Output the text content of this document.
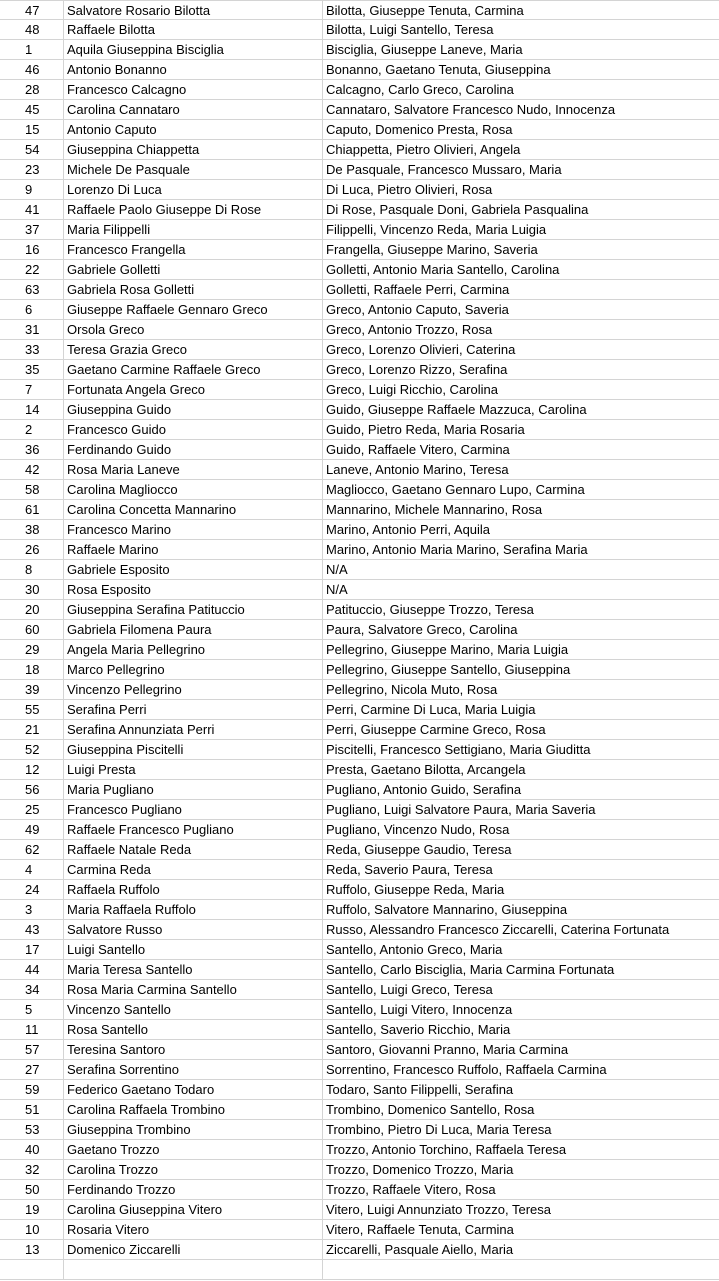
47	Salvatore Rosario Bilotta	Bilotta, Giuseppe Tenuta, Carmina
48	Raffaele Bilotta	Bilotta, Luigi Santello, Teresa
1	Aquila Giuseppina Bisciglia	Bisciglia, Giuseppe Laneve, Maria
46	Antonio Bonanno	Bonanno, Gaetano Tenuta, Giuseppina
28	Francesco Calcagno	Calcagno, Carlo Greco, Carolina
45	Carolina Cannataro	Cannataro, Salvatore Francesco Nudo, Innocenza
15	Antonio Caputo	Caputo, Domenico Presta, Rosa
54	Giuseppina Chiappetta	Chiappetta, Pietro Olivieri, Angela
23	Michele De Pasquale	De Pasquale, Francesco Mussaro, Maria
9	Lorenzo Di Luca	Di Luca, Pietro Olivieri, Rosa
41	Raffaele Paolo Giuseppe Di Rose	Di Rose, Pasquale Doni, Gabriela Pasqualina
37	Maria Filippelli	Filippelli, Vincenzo Reda, Maria Luigia
16	Francesco Frangella	Frangella, Giuseppe Marino, Saveria
22	Gabriele Golletti	Golletti, Antonio Maria Santello, Carolina
63	Gabriela Rosa Golletti	Golletti, Raffaele Perri, Carmina
6	Giuseppe Raffaele Gennaro Greco	Greco, Antonio Caputo, Saveria
31	Orsola Greco	Greco, Antonio Trozzo, Rosa
33	Teresa Grazia Greco	Greco, Lorenzo Olivieri, Caterina
35	Gaetano Carmine Raffaele Greco	Greco, Lorenzo Rizzo, Serafina
7	Fortunata Angela Greco	Greco, Luigi Ricchio, Carolina
14	Giuseppina Guido	Guido, Giuseppe Raffaele Mazzuca, Carolina
2	Francesco Guido	Guido, Pietro Reda, Maria Rosaria
36	Ferdinando Guido	Guido, Raffaele Vitero, Carmina
42	Rosa Maria Laneve	Laneve, Antonio Marino, Teresa
58	Carolina Magliocco	Magliocco, Gaetano Gennaro Lupo, Carmina
61	Carolina Concetta Mannarino	Mannarino, Michele Mannarino, Rosa
38	Francesco Marino	Marino, Antonio Perri, Aquila
26	Raffaele Marino	Marino, Antonio Maria Marino, Serafina Maria
8	Gabriele Esposito	N/A
30	Rosa Esposito	N/A
20	Giuseppina Serafina Patituccio	Patituccio, Giuseppe Trozzo, Teresa
60	Gabriela Filomena Paura	Paura, Salvatore Greco, Carolina
29	Angela Maria Pellegrino	Pellegrino, Giuseppe Marino, Maria Luigia
18	Marco Pellegrino	Pellegrino, Giuseppe Santello, Giuseppina
39	Vincenzo Pellegrino	Pellegrino, Nicola Muto, Rosa
55	Serafina Perri	Perri, Carmine Di Luca, Maria Luigia
21	Serafina Annunziata Perri	Perri, Giuseppe Carmine Greco, Rosa
52	Giuseppina Piscitelli	Piscitelli, Francesco Settigiano, Maria Giuditta
12	Luigi Presta	Presta, Gaetano Bilotta, Arcangela
56	Maria Pugliano	Pugliano, Antonio Guido, Serafina
25	Francesco Pugliano	Pugliano, Luigi Salvatore Paura, Maria Saveria
49	Raffaele Francesco Pugliano	Pugliano, Vincenzo Nudo, Rosa
62	Raffaele Natale Reda	Reda, Giuseppe Gaudio, Teresa
4	Carmina Reda	Reda, Saverio Paura, Teresa
24	Raffaela Ruffolo	Ruffolo, Giuseppe Reda, Maria
3	Maria Raffaela Ruffolo	Ruffolo, Salvatore Mannarino, Giuseppina
43	Salvatore Russo	Russo, Alessandro Francesco Ziccarelli, Caterina Fortunata
17	Luigi Santello	Santello, Antonio Greco, Maria
44	Maria Teresa Santello	Santello, Carlo Bisciglia, Maria Carmina Fortunata
34	Rosa Maria Carmina Santello	Santello, Luigi Greco, Teresa
5	Vincenzo Santello	Santello, Luigi Vitero, Innocenza
11	Rosa Santello	Santello, Saverio Ricchio, Maria
57	Teresina Santoro	Santoro, Giovanni Pranno, Maria Carmina
27	Serafina Sorrentino	Sorrentino, Francesco Ruffolo, Raffaela Carmina
59	Federico Gaetano Todaro	Todaro, Santo Filippelli, Serafina
51	Carolina Raffaela Trombino	Trombino, Domenico Santello, Rosa
53	Giuseppina Trombino	Trombino, Pietro Di Luca, Maria Teresa
40	Gaetano Trozzo	Trozzo, Antonio Torchino, Raffaela Teresa
32	Carolina Trozzo	Trozzo, Domenico Trozzo, Maria
50	Ferdinando Trozzo	Trozzo, Raffaele Vitero, Rosa
19	Carolina Giuseppina Vitero	Vitero, Luigi Annunziato Trozzo, Teresa
10	Rosaria Vitero	Vitero, Raffaele Tenuta, Carmina
13	Domenico Ziccarelli	Ziccarelli, Pasquale Aiello, Maria
